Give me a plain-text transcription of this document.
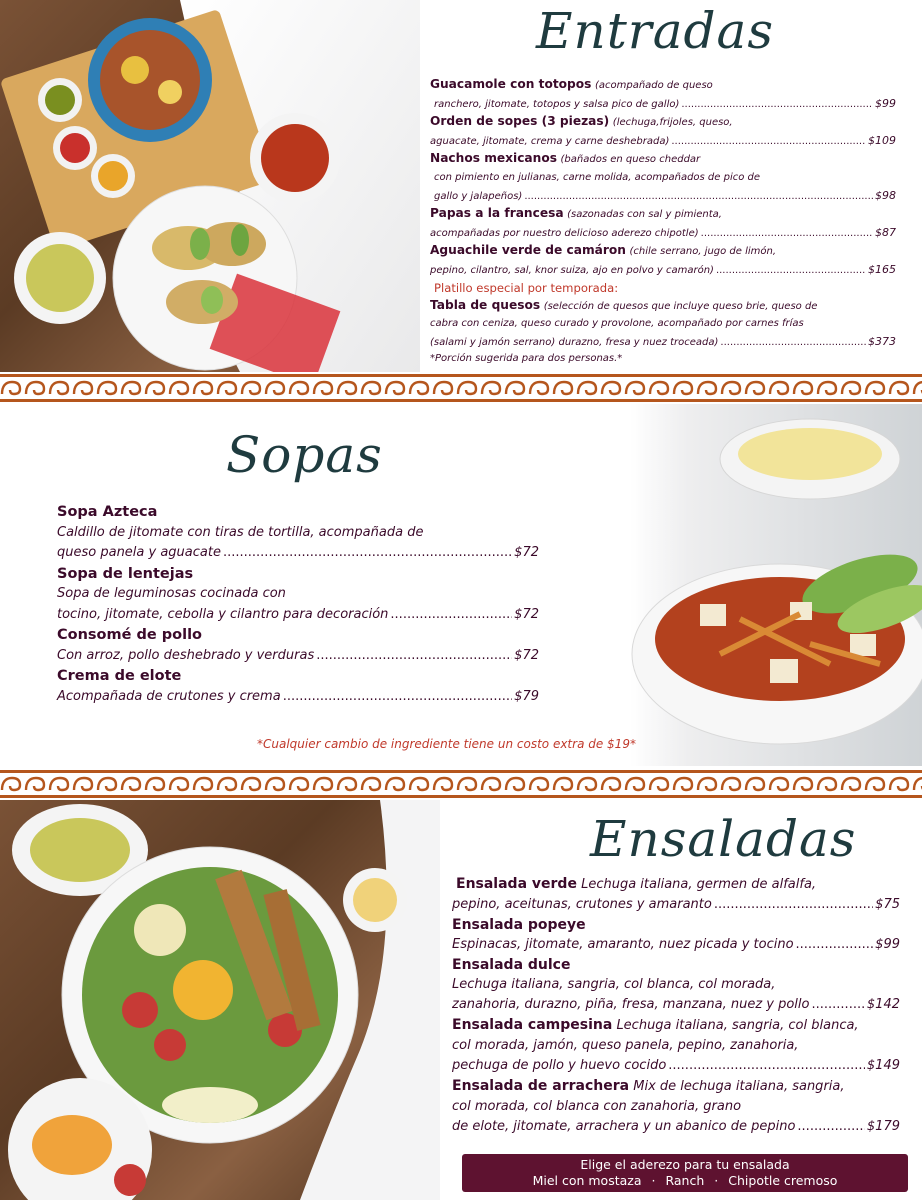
Entradas
Guacamole con totopos (acompañado de queso
ranchero, jitomate, totopos y salsa pico de gallo) .....	$99
Orden de sopes (3 piezas) (lechuga,frijoles, queso,
aguacate, jitomate, crema y carne deshebrada) .....	$109
Nachos mexicanos (bañados en queso cheddar
con pimiento en julianas, carne molida, acompañados de pico de
gallo y jalapeños) .....	$98
Papas a la francesa (sazonadas con sal y pimienta,
acompañadas por nuestro delicioso aderezo chipotle) .....	$87
Aguachile verde de camáron (chile serrano, jugo de limón,
pepino, cilantro, sal, knor suiza, ajo en polvo y camarón) .....	$165
Platillo especial por temporada:
Tabla de quesos (selección de quesos que incluye queso brie, queso de
cabra con ceniza, queso curado y provolone, acompañado por carnes frías
(salami y jamón serrano) durazno, fresa y nuez troceada) .....	$373
*Porción sugerida para dos personas.*
Sopas
Sopa Azteca
Caldillo de jitomate con tiras de tortilla, acompañada de
queso panela y aguacate .....	$72
Sopa de lentejas
Sopa de leguminosas cocinada con
tocino, jitomate, cebolla y cilantro para decoración .....	$72
Consomé de pollo
Con arroz, pollo deshebrado y verduras .....	$72
Crema de elote
Acompañada de crutones y crema .....	$79
*Cualquier cambio de ingrediente tiene un costo extra de $19*
Ensaladas
Ensalada verde Lechuga italiana, germen de alfalfa,
pepino, aceitunas, crutones y amaranto .....	$75
Ensalada popeye
Espinacas, jitomate, amaranto, nuez picada y tocino .....	$99
Ensalada dulce
Lechuga italiana, sangria, col blanca, col morada,
zanahoria, durazno, piña, fresa, manzana, nuez y pollo .....	$142
Ensalada campesina Lechuga italiana, sangria, col blanca,
col morada, jamón, queso panela, pepino, zanahoria,
pechuga de pollo y huevo cocido .....	$149
Ensalada de arrachera Mix de lechuga italiana, sangria,
col morada, col blanca con zanahoria, grano
de elote, jitomate, arrachera y un abanico de pepino .....	$179
Elige el aderezo para tu ensalada
Miel con mostaza · Ranch · Chipotle cremoso
